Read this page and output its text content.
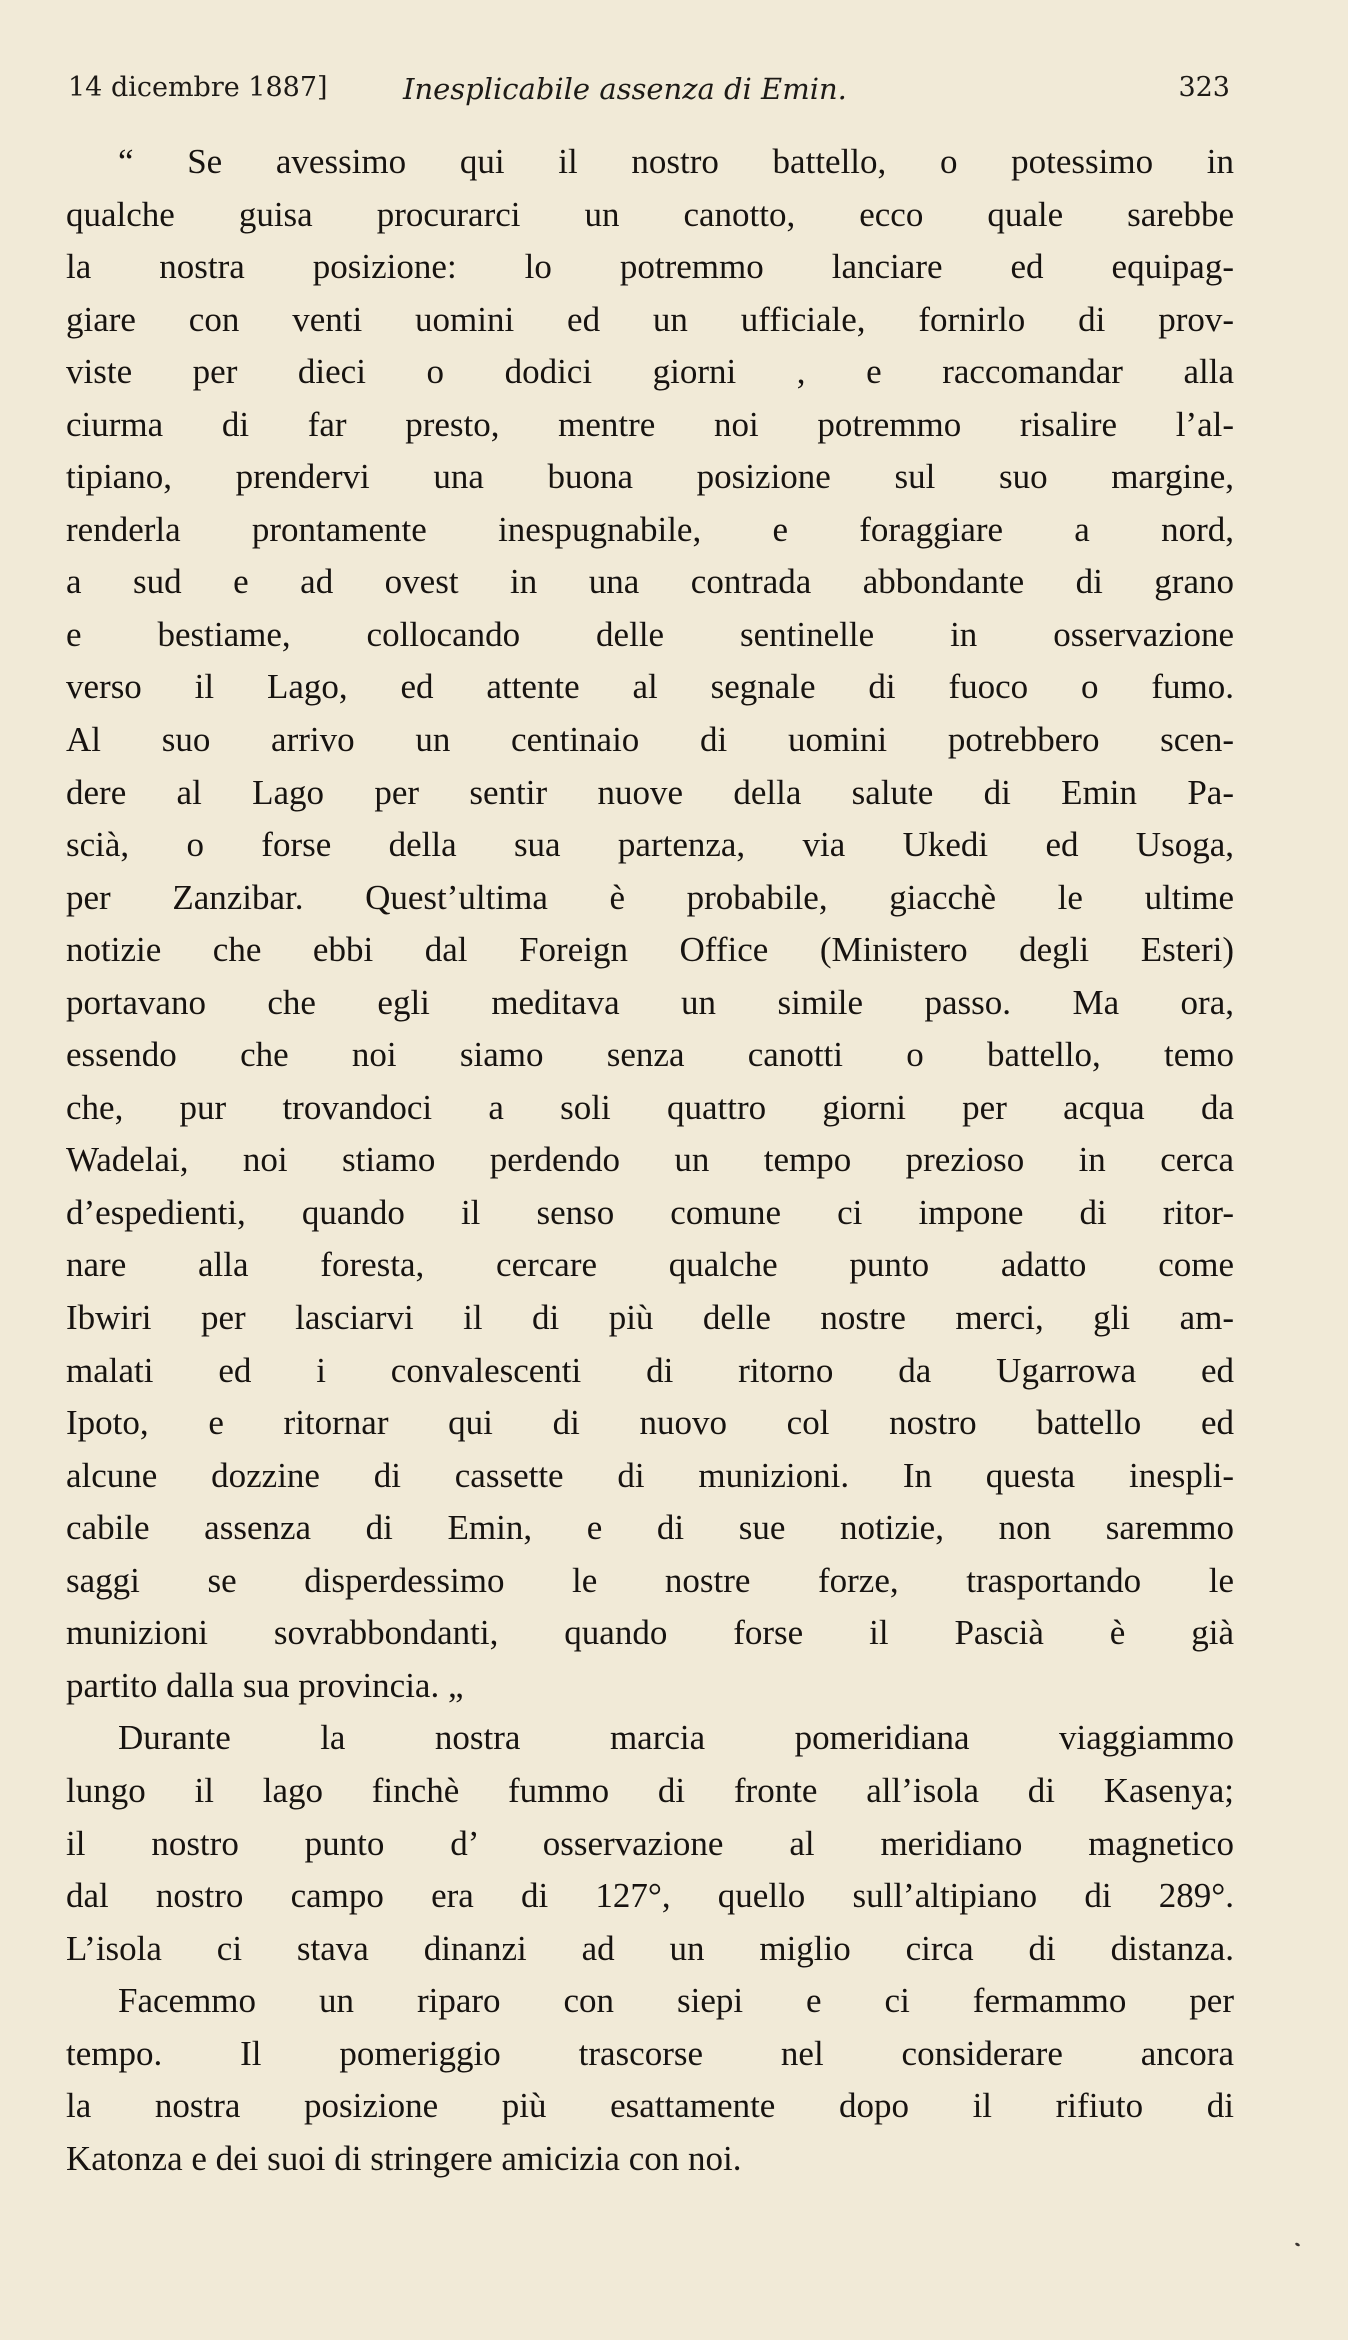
14 dicembre 1887]	Inesplicabile assenza di Emin.	323
“ Se avessimo qui il nostro battello, o potessimo in
qualche guisa procurarci un canotto, ecco quale sarebbe
la nostra posizione: lo potremmo lanciare ed equipag-
giare con venti uomini ed un ufficiale, fornirlo di prov-
viste per dieci o dodici giorni , e raccomandar alla
ciurma di far presto, mentre noi potremmo risalire l’al-
tipiano, prendervi una buona posizione sul suo margine,
renderla prontamente inespugnabile, e foraggiare a nord,
a sud e ad ovest in una contrada abbondante di grano
e bestiame, collocando delle sentinelle in osservazione
verso il Lago, ed attente al segnale di fuoco o fumo.
Al suo arrivo un centinaio di uomini potrebbero scen-
dere al Lago per sentir nuove della salute di Emin Pa-
scià, o forse della sua partenza, via Ukedi ed Usoga,
per Zanzibar. Quest’ultima è probabile, giacchè le ultime
notizie che ebbi dal Foreign Office (Ministero degli Esteri)
portavano che egli meditava un simile passo. Ma ora,
essendo che noi siamo senza canotti o battello, temo
che, pur trovandoci a soli quattro giorni per acqua da
Wadelai, noi stiamo perdendo un tempo prezioso in cerca
d’espedienti, quando il senso comune ci impone di ritor-
nare alla foresta, cercare qualche punto adatto come
Ibwiri per lasciarvi il di più delle nostre merci, gli am-
malati ed i convalescenti di ritorno da Ugarrowa ed
Ipoto, e ritornar qui di nuovo col nostro battello ed
alcune dozzine di cassette di munizioni. In questa inespli-
cabile assenza di Emin, e di sue notizie, non saremmo
saggi se disperdessimo le nostre forze, trasportando le
munizioni sovrabbondanti, quando forse il Pascià è già
partito dalla sua provincia. „
Durante la nostra marcia pomeridiana viaggiammo
lungo il lago finchè fummo di fronte all’isola di Kasenya;
il nostro punto d’ osservazione al meridiano magnetico
dal nostro campo era di 127°, quello sull’altipiano di 289°.
L’isola ci stava dinanzi ad un miglio circa di distanza.
Facemmo un riparo con siepi e ci fermammo per
tempo. Il pomeriggio trascorse nel considerare ancora
la nostra posizione più esattamente dopo il rifiuto di
Katonza e dei suoi di stringere amicizia con noi.
